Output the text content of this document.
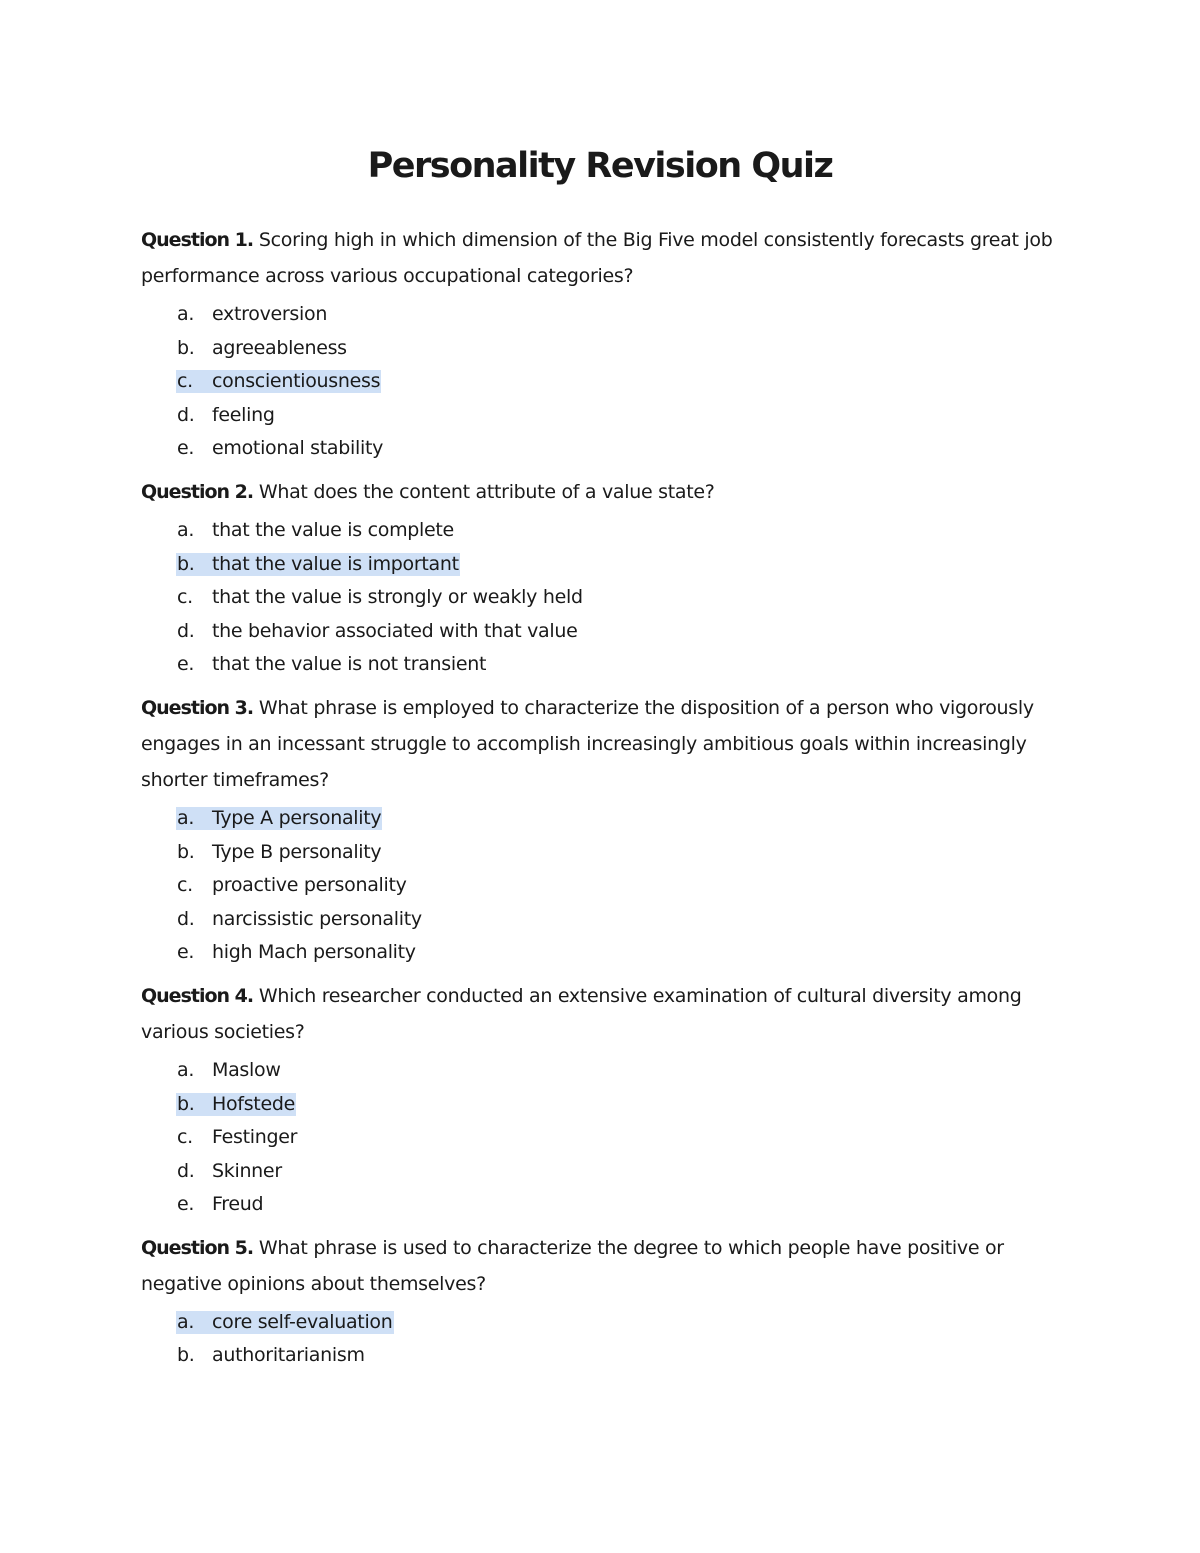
Personality Revision Quiz

Question 1. Scoring high in which dimension of the Big Five model consistently forecasts great job performance across various occupational categories?

a. extroversion
b. agreeableness
c. conscientiousness
d. feeling
e. emotional stability

Question 2. What does the content attribute of a value state?

a. that the value is complete
b. that the value is important
c. that the value is strongly or weakly held
d. the behavior associated with that value
e. that the value is not transient

Question 3. What phrase is employed to characterize the disposition of a person who vigorously engages in an incessant struggle to accomplish increasingly ambitious goals within increasingly shorter timeframes?

a. Type A personality
b. Type B personality
c. proactive personality
d. narcissistic personality
e. high Mach personality

Question 4. Which researcher conducted an extensive examination of cultural diversity among various societies?

a. Maslow
b. Hofstede
c. Festinger
d. Skinner
e. Freud

Question 5. What phrase is used to characterize the degree to which people have positive or negative opinions about themselves?

a. core self-evaluation
b. authoritarianism
